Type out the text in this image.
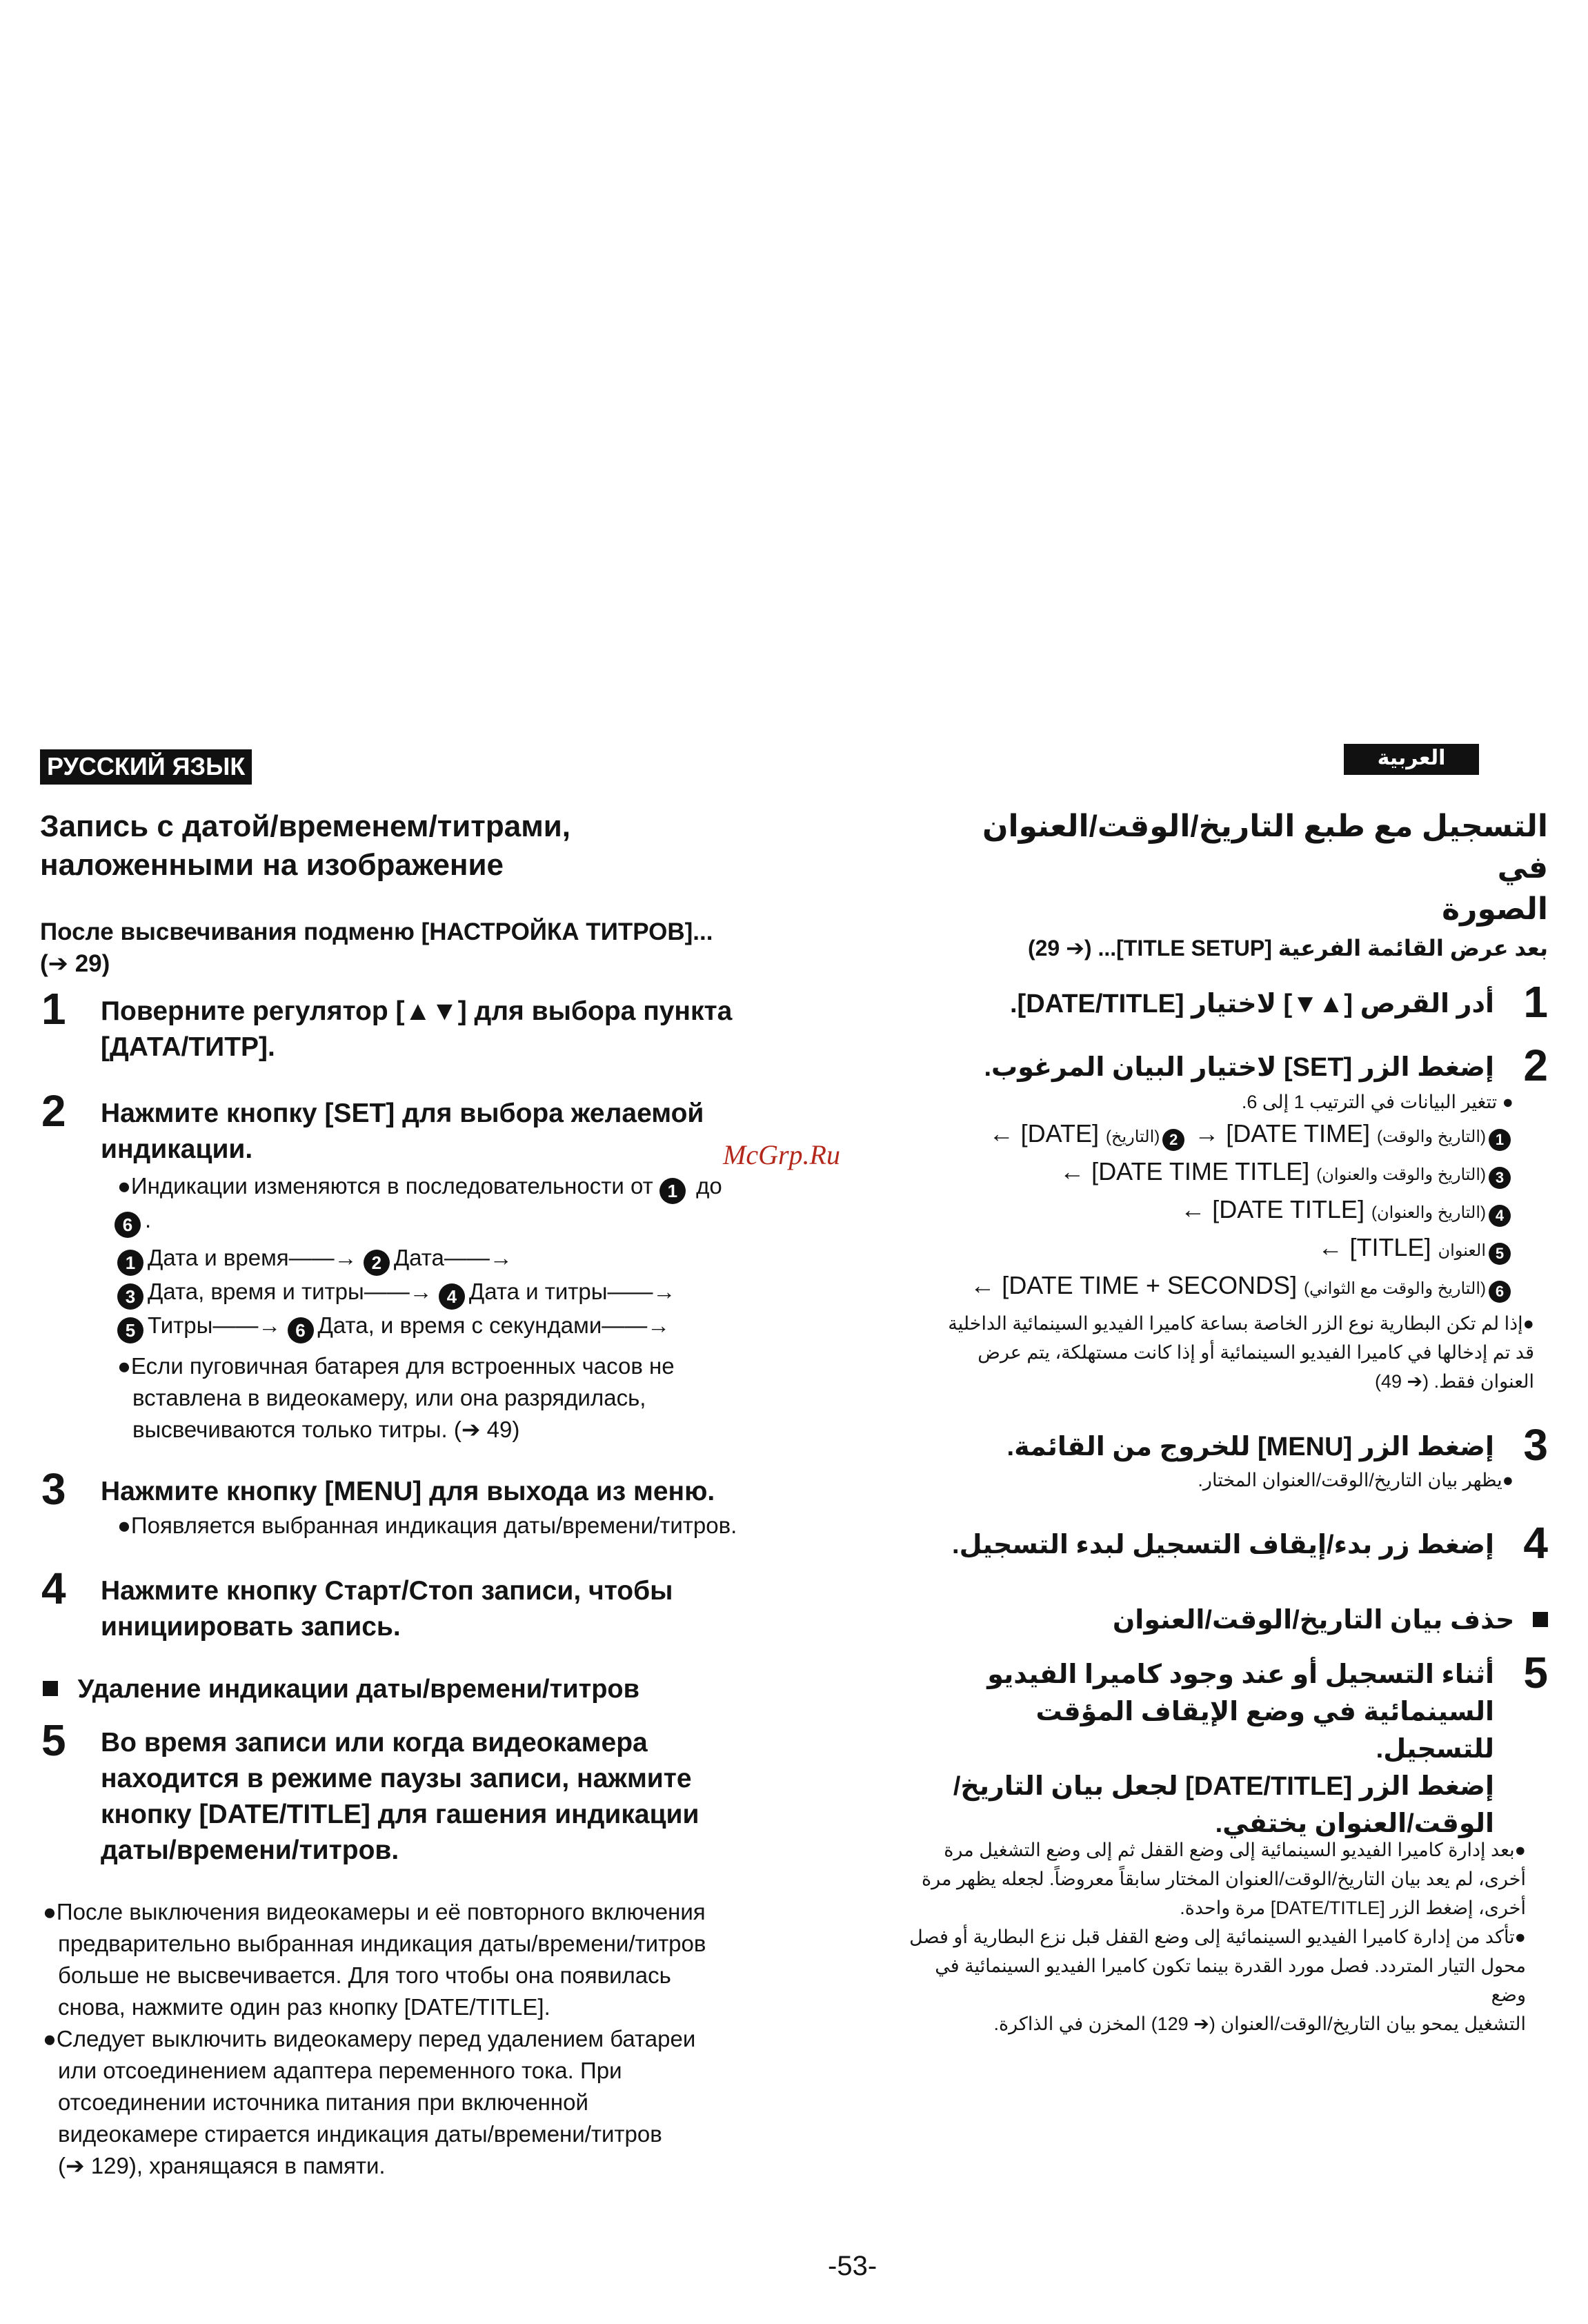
РУССКИЙ ЯЗЫК	العربية
McGrp.Ru
Запись с датой/временем/титрами,
наложенными на изображение
После высвечивания подменю [НАСТРОЙКА ТИТРОВ]...
(➔ 29)
1 Поверните регулятор [▲▼] для выбора пункта
[ДАТА/ТИТР].
2 Нажмите кнопку [SET] для выбора желаемой
индикации.
●Индикации изменяются в последовательности от 1 до
6 .
1 Дата и время——→ 2 Дата——→
3 Дата, время и титры——→ 4 Дата и титры——→
5 Титры——→ 6 Дата, и время с секундами——→
●Если пуговичная батарея для встроенных часов не
вставлена в видеокамеру, или она разрядилась,
высвечиваются только титры. (➔ 49)
3 Нажмите кнопку [MENU] для выхода из меню.
●Появляется выбранная индикация даты/времени/титров.
4 Нажмите кнопку Старт/Стоп записи, чтобы
инициировать запись.
Удаление индикации даты/времени/титров
5 Во время записи или когда видеокамера
находится в режиме паузы записи, нажмите
кнопку [DATE/TITLE] для гашения индикации
даты/времени/титров.
●После выключения видеокамеры и её повторного включения
предварительно выбранная индикация даты/времени/титров
больше не высвечивается. Для того чтобы она появилась
снова, нажмите один раз кнопку [DATE/TITLE].
●Следует выключить видеокамеру перед удалением батареи
или отсоединением адаптера переменного тока. При
отсоединении источника питания при включенной
видеокамере стирается индикация даты/времени/титров
(➔ 129), хранящаяся в памяти.
التسجيل مع طبع التاريخ/الوقت/العنوان في
الصورة
بعد عرض القائمة الفرعية [TITLE SETUP]... (➔ 29)
1
أدر القرص [▲▼] لاختيار [DATE/TITLE].
2
إضغط الزر [SET] لاختيار البيان المرغوب.
● تتغير البيانات في الترتيب 1 إلى 6.
1(التاريخ والوقت) [DATE TIME] → 2(التاريخ) [DATE] ←
3(التاريخ والوقت والعنوان) [DATE TIME TITLE] ←
4(التاريخ والعنوان) [DATE TITLE] ←
5العنوان [TITLE] ←
6(التاريخ والوقت مع الثواني) [DATE TIME + SECONDS] ←
●إذا لم تكن البطارية نوع الزر الخاصة بساعة كاميرا الفيديو السينمائية الداخلية
قد تم إدخالها في كاميرا الفيديو السينمائية أو إذا كانت مستهلكة، يتم عرض
العنوان فقط. (➔ 49)
3
إضغط الزر [MENU] للخروج من القائمة.
●يظهر بيان التاريخ/الوقت/العنوان المختار.
4
إضغط زر بدء/إيقاف التسجيل لبدء التسجيل.
حذف بيان التاريخ/الوقت/العنوان
5
أثناء التسجيل أو عند وجود كاميرا الفيديو
السينمائية في وضع الإيقاف المؤقت للتسجيل.
إضغط الزر [DATE/TITLE] لجعل بيان التاريخ/
الوقت/العنوان يختفي.
●بعد إدارة كاميرا الفيديو السينمائية إلى وضع القفل ثم إلى وضع التشغيل مرة
أخرى، لم يعد بيان التاريخ/الوقت/العنوان المختار سابقاً معروضاً. لجعله يظهر مرة
أخرى، إضغط الزر [DATE/TITLE] مرة واحدة.
●تأكد من إدارة كاميرا الفيديو السينمائية إلى وضع القفل قبل نزع البطارية أو فصل
محول التيار المتردد. فصل مورد القدرة بينما تكون كاميرا الفيديو السينمائية في وضع
التشغيل يمحو بيان التاريخ/الوقت/العنوان (➔ 129) المخزن في الذاكرة.
-53-
